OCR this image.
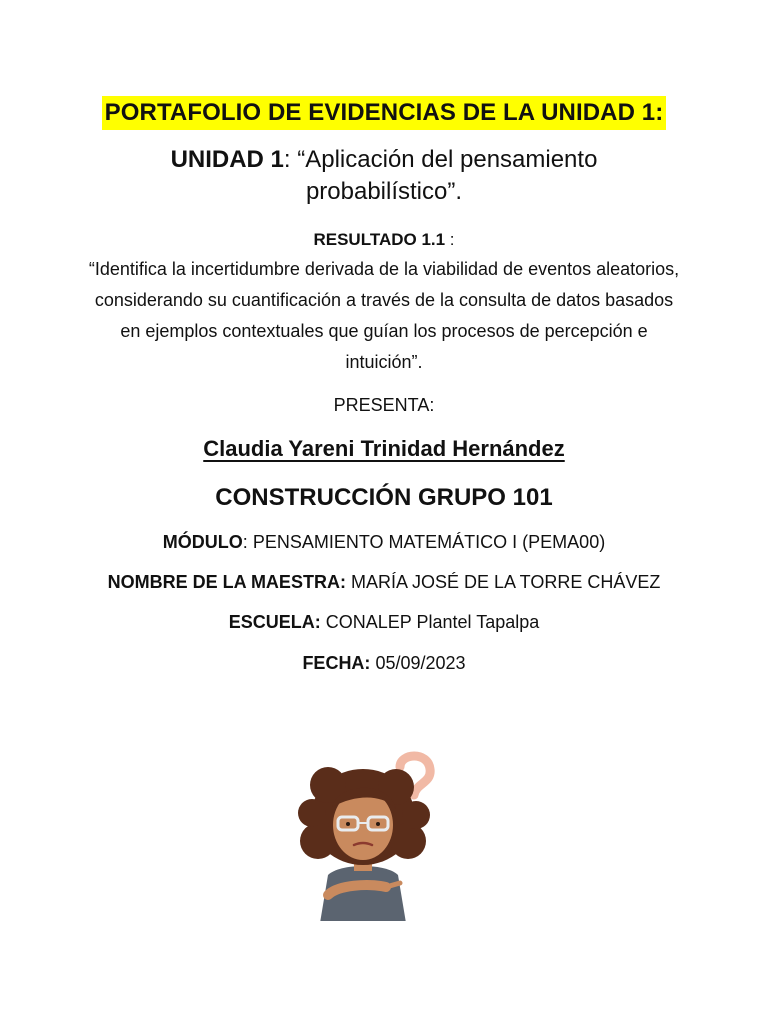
PORTAFOLIO DE EVIDENCIAS DE LA UNIDAD 1:
UNIDAD 1: “Aplicación del pensamiento
probabilístico”.
RESULTADO 1.1 :
“Identifica la incertidumbre derivada de la viabilidad de eventos aleatorios, considerando su cuantificación a través de la consulta de datos basados en ejemplos contextuales que guían los procesos de percepción e intuición”.
PRESENTA:
Claudia Yareni Trinidad Hernández
CONSTRUCCIÓN GRUPO 101
MÓDULO: PENSAMIENTO MATEMÁTICO I (PEMA00)
NOMBRE DE LA MAESTRA: MARÍA JOSÉ DE LA TORRE CHÁVEZ
ESCUELA: CONALEP Plantel Tapalpa
FECHA: 05/09/2023
